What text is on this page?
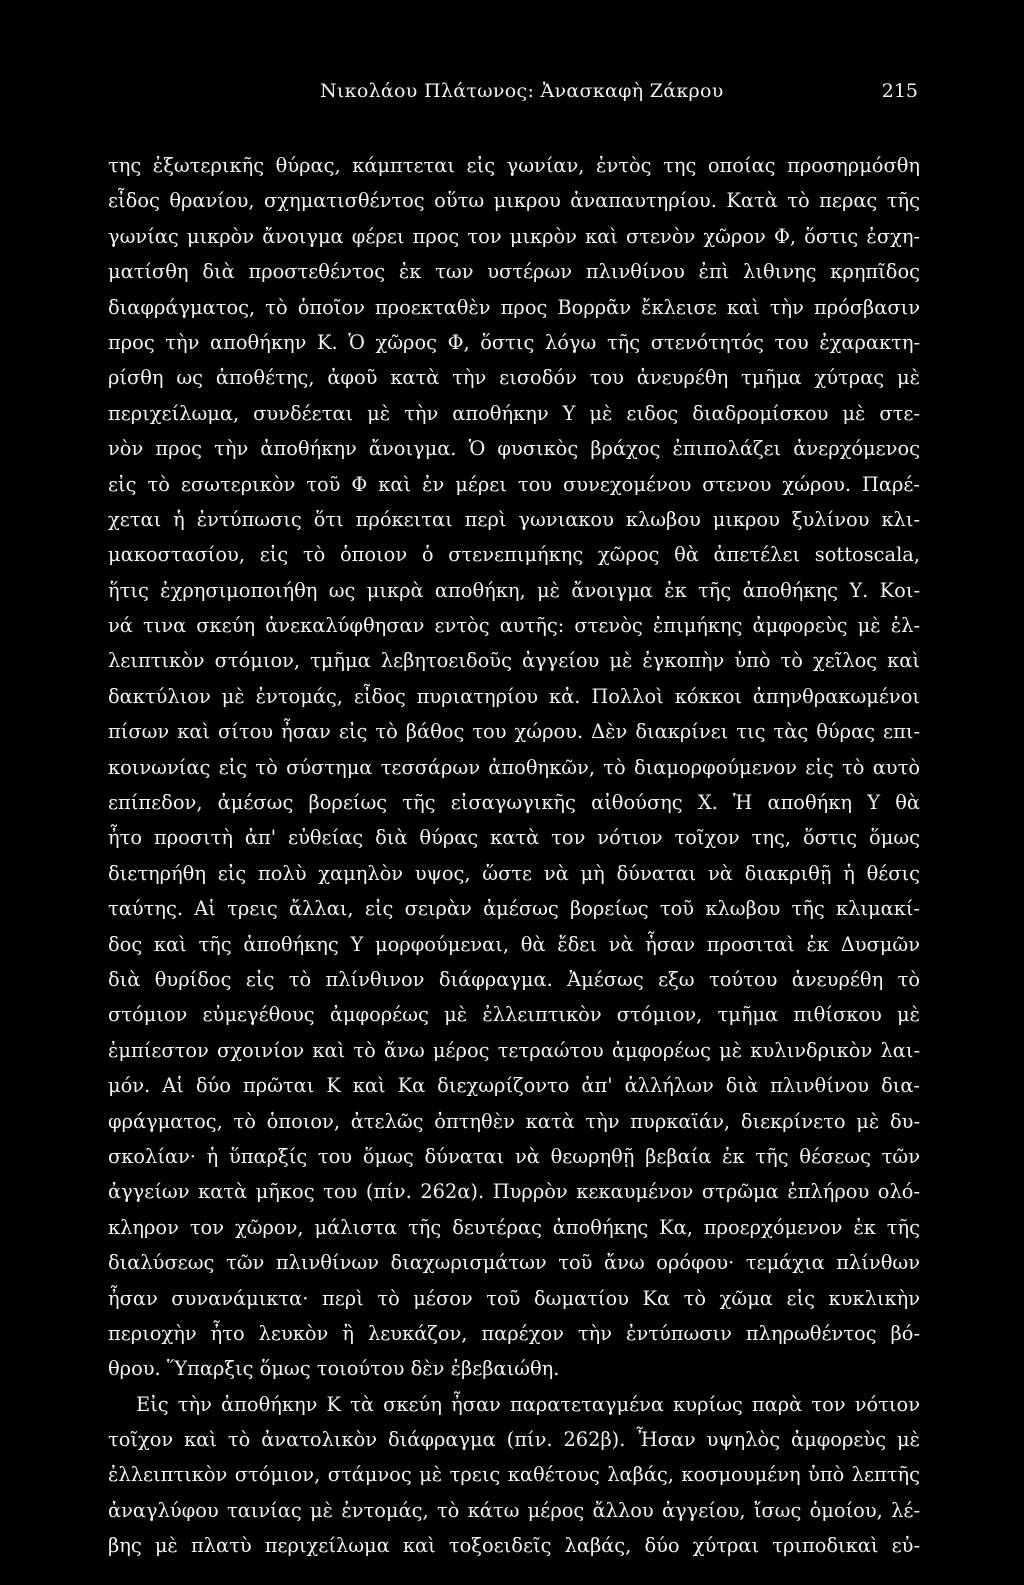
Νικολάου Πλάτωνος: Ἀνασκαφὴ Ζάκρου	215
της ἐξωτερικῆς θύρας, κάμπτεται εἰς γωνίαν, ἐντὸς της οποίας προσηρμόσθη
εἶδος θρανίου, σχηματισθέντος οὕτω μικρου ἀναπαυτηρίου. Κατὰ τὸ περας τῆς
γωνίας μικρὸν ἄνοιγμα φέρει προς τον μικρὸν καὶ στενὸν χῶρον Φ, ὅστις ἐσχη-
ματίσθη διὰ προστεθέντος ἐκ των υστέρων πλινθίνου ἐπὶ λιθινης κρηπῖδος
διαφράγματος, τὸ ὁποῖον προεκταθὲν προς Βορρᾶν ἔκλεισε καὶ τὴν πρόσβασιν
προς τὴν αποθήκην Κ. Ὁ χῶρος Φ, ὅστις λόγω τῆς στενότητός του ἐχαρακτη-
ρίσθη ως ἀποθέτης, ἀφοῦ κατὰ τὴν εισοδόν του ἀνευρέθη τμῆμα χύτρας μὲ
περιχείλωμα, συνδέεται μὲ τὴν αποθήκην Υ μὲ ειδος διαδρομίσκου μὲ στε-
νὸν προς τὴν ἀποθήκην ἄνοιγμα. Ὁ φυσικὸς βράχος ἐπιπολάζει ἀνερχόμενος
εἰς τὸ εσωτερικὸν τοῦ Φ καὶ ἐν μέρει του συνεχομένου στενου χώρου. Παρέ-
χεται ἡ ἐντύπωσις ὅτι πρόκειται περὶ γωνιακου κλωβου μικρου ξυλίνου κλι-
μακοστασίου, εἰς τὸ ὁποιον ὁ στενεπιμήκης χῶρος θὰ ἀπετέλει sottoscala,
ἥτις ἐχρησιμοποιήθη ως μικρὰ αποθήκη, μὲ ἄνοιγμα ἐκ τῆς ἀποθήκης Υ. Κοι-
νά τινα σκεύη ἀνεκαλύφθησαν εντὸς αυτῆς: στενὸς ἐπιμήκης ἀμφορεὺς μὲ ἐλ-
λειπτικὸν στόμιον, τμῆμα λεβητοειδοῦς ἀγγείου μὲ ἐγκοπὴν ὑπὸ τὸ χεῖλος καὶ
δακτύλιον μὲ ἐντομάς, εἶδος πυριατηρίου κἀ. Πολλοὶ κόκκοι ἀπηνθρακωμένοι
πίσων καὶ σίτου ἦσαν εἰς τὸ βάθος του χώρου. Δὲν διακρίνει τις τὰς θύρας επι-
κοινωνίας εἰς τὸ σύστημα τεσσάρων ἀποθηκῶν, τὸ διαμορφούμενον εἰς τὸ αυτὸ
επίπεδον, ἀμέσως βορείως τῆς εἰσαγωγικῆς αἰθούσης Χ. Ἡ αποθήκη Υ θὰ
ἦτο προσιτὴ ἀπ' εὐθείας διὰ θύρας κατὰ τον νότιον τοῖχον της, ὅστις ὅμως
διετηρήθη εἰς πολὺ χαμηλὸν υψος, ὥστε νὰ μὴ δύναται νὰ διακριθῇ ἡ θέσις
ταύτης. Αἱ τρεις ἄλλαι, εἰς σειρὰν ἀμέσως βορείως τοῦ κλωβου τῆς κλιμακί-
δος καὶ τῆς ἀποθήκης Υ μορφούμεναι, θὰ ἔδει νὰ ἦσαν προσιταὶ ἐκ Δυσμῶν
διὰ θυρίδος εἰς τὸ πλίνθινον διάφραγμα. Ἀμέσως εξω τούτου ἀνευρέθη τὸ
στόμιον εὐμεγέθους ἀμφορέως μὲ ἐλλειπτικὸν στόμιον, τμῆμα πιθίσκου μὲ
ἐμπίεστον σχοινίον καὶ τὸ ἄνω μέρος τετραώτου ἀμφορέως μὲ κυλινδρικὸν λαι-
μόν. Αἱ δύο πρῶται Κ καὶ Κα διεχωρίζοντο ἀπ' ἀλλήλων διὰ πλινθίνου δια-
φράγματος, τὸ ὁποιον, ἀτελῶς ὀπτηθὲν κατὰ τὴν πυρκαϊάν, διεκρίνετο μὲ δυ-
σκολίαν· ἡ ὕπαρξίς του ὅμως δύναται νὰ θεωρηθῇ βεβαία ἐκ τῆς θέσεως τῶν
ἀγγείων κατὰ μῆκος του (πίν. 262α). Πυρρὸν κεκαυμένον στρῶμα ἐπλήρου ολό-
κληρον τον χῶρον, μάλιστα τῆς δευτέρας ἀποθήκης Κα, προερχόμενον ἐκ τῆς
διαλύσεως τῶν πλινθίνων διαχωρισμάτων τοῦ ἄνω ορόφου· τεμάχια πλίνθων
ἦσαν συνανάμικτα· περὶ τὸ μέσον τοῦ δωματίου Κα τὸ χῶμα εἰς κυκλικὴν
περιοχὴν ἦτο λευκὸν ἢ λευκάζον, παρέχον τὴν ἐντύπωσιν πληρωθέντος βό-
θρου. Ὕπαρξις ὅμως τοιούτου δὲν ἐβεβαιώθη.
Εἰς τὴν ἀποθήκην Κ τὰ σκεύη ἦσαν παρατεταγμένα κυρίως παρὰ τον νότιον
τοῖχον καὶ τὸ ἀνατολικὸν διάφραγμα (πίν. 262β). Ἦσαν υψηλὸς ἀμφορεὺς μὲ
ἐλλειπτικὸν στόμιον, στάμνος μὲ τρεις καθέτους λαβάς, κοσμουμένη ὑπὸ λεπτῆς
ἀναγλύφου ταινίας μὲ ἐντομάς, τὸ κάτω μέρος ἄλλου ἀγγείου, ἴσως ὁμοίου, λέ-
βης μὲ πλατὺ περιχείλωμα καὶ τοξοειδεῖς λαβάς, δύο χύτραι τριποδικαὶ εὐ-
